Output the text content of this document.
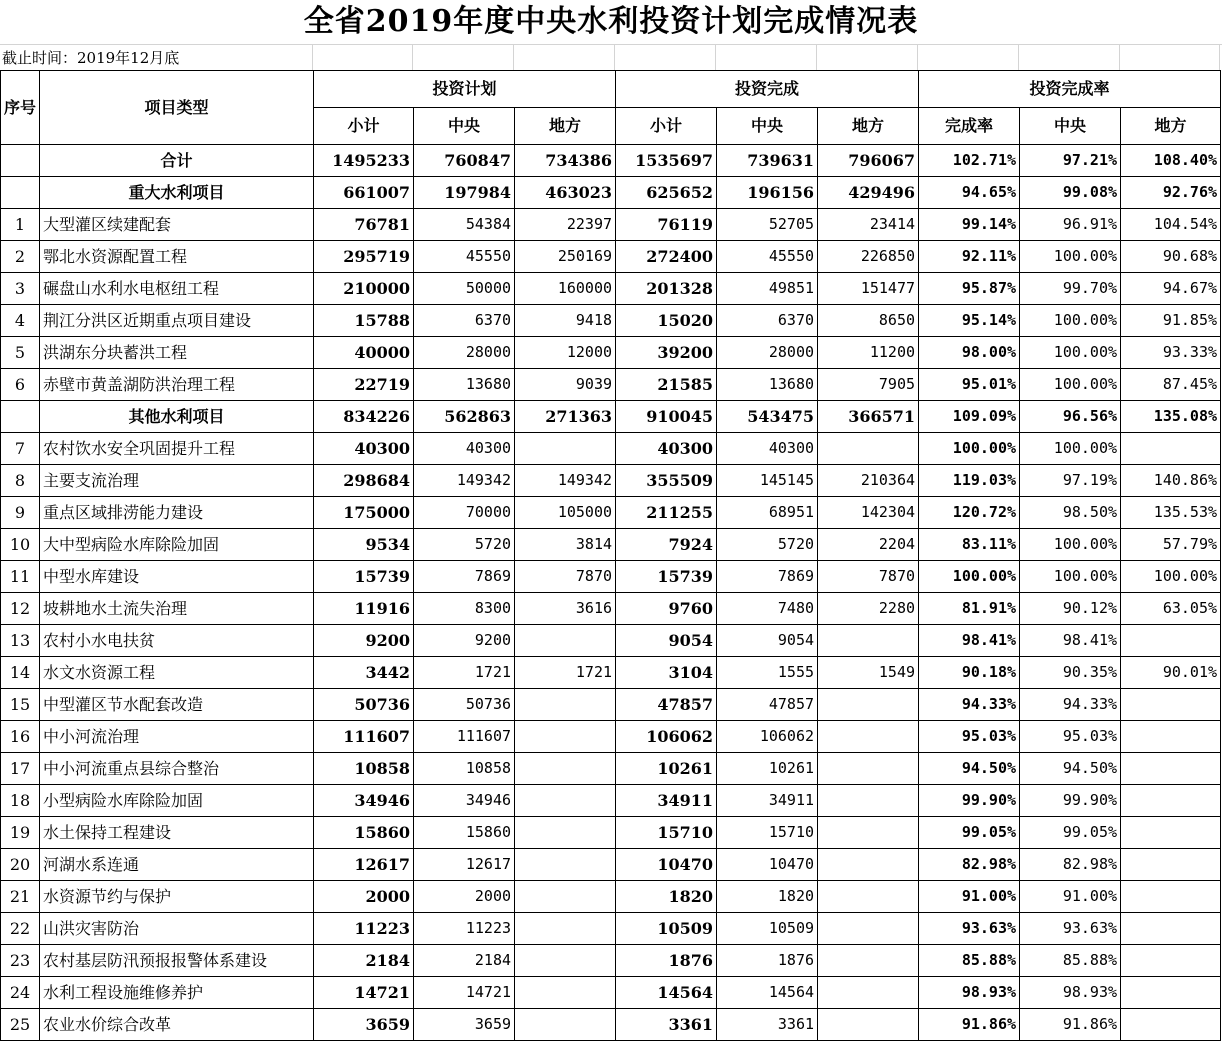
全省2019年度中央水利投资计划完成情况表
截止时间：2019年12月底
序号	项目类型	投资计划			投资完成			投资完成率		
		小计	中央	地方	小计	中央	地方	完成率	中央	地方
	合计	1495233	760847	734386	1535697	739631	796067	102.71%	97.21%	108.40%
	重大水利项目	661007	197984	463023	625652	196156	429496	94.65%	99.08%	92.76%
1	大型灌区续建配套	76781	54384	22397	76119	52705	23414	99.14%	96.91%	104.54%
2	鄂北水资源配置工程	295719	45550	250169	272400	45550	226850	92.11%	100.00%	90.68%
3	碾盘山水利水电枢纽工程	210000	50000	160000	201328	49851	151477	95.87%	99.70%	94.67%
4	荆江分洪区近期重点项目建设	15788	6370	9418	15020	6370	8650	95.14%	100.00%	91.85%
5	洪湖东分块蓄洪工程	40000	28000	12000	39200	28000	11200	98.00%	100.00%	93.33%
6	赤壁市黄盖湖防洪治理工程	22719	13680	9039	21585	13680	7905	95.01%	100.00%	87.45%
	其他水利项目	834226	562863	271363	910045	543475	366571	109.09%	96.56%	135.08%
7	农村饮水安全巩固提升工程	40300	40300		40300	40300		100.00%	100.00%	
8	主要支流治理	298684	149342	149342	355509	145145	210364	119.03%	97.19%	140.86%
9	重点区域排涝能力建设	175000	70000	105000	211255	68951	142304	120.72%	98.50%	135.53%
10	大中型病险水库除险加固	9534	5720	3814	7924	5720	2204	83.11%	100.00%	57.79%
11	中型水库建设	15739	7869	7870	15739	7869	7870	100.00%	100.00%	100.00%
12	坡耕地水土流失治理	11916	8300	3616	9760	7480	2280	81.91%	90.12%	63.05%
13	农村小水电扶贫	9200	9200		9054	9054		98.41%	98.41%	
14	水文水资源工程	3442	1721	1721	3104	1555	1549	90.18%	90.35%	90.01%
15	中型灌区节水配套改造	50736	50736		47857	47857		94.33%	94.33%	
16	中小河流治理	111607	111607		106062	106062		95.03%	95.03%	
17	中小河流重点县综合整治	10858	10858		10261	10261		94.50%	94.50%	
18	小型病险水库除险加固	34946	34946		34911	34911		99.90%	99.90%	
19	水土保持工程建设	15860	15860		15710	15710		99.05%	99.05%	
20	河湖水系连通	12617	12617		10470	10470		82.98%	82.98%	
21	水资源节约与保护	2000	2000		1820	1820		91.00%	91.00%	
22	山洪灾害防治	11223	11223		10509	10509		93.63%	93.63%	
23	农村基层防汛预报报警体系建设	2184	2184		1876	1876		85.88%	85.88%	
24	水利工程设施维修养护	14721	14721		14564	14564		98.93%	98.93%	
25	农业水价综合改革	3659	3659		3361	3361		91.86%	91.86%	
